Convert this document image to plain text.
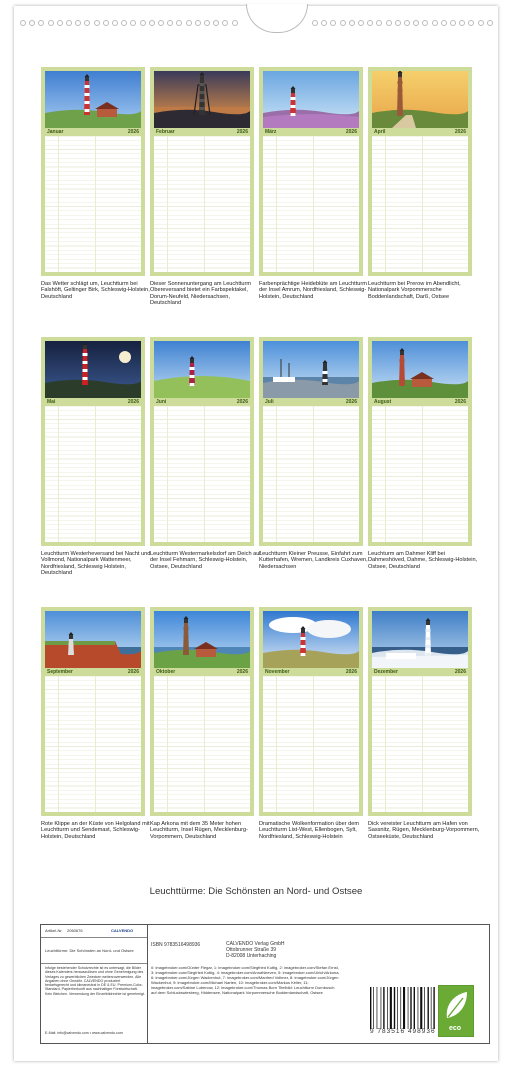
Januar	2026
Das Wetter schlägt um, Leuchtturm bei Falshöft, Geltinger Birk, Schleswig-Holstein, Deutschland
Februar	2026
Dieser Sonnenuntergang am Leuchtturm Obereversand bietet ein Farbspektakel, Dorum-Neufeld, Niedersachsen, Deutschland
März	2026
Farbenprächtige Heideblüte am Leuchtturm der Insel Amrum, Nordfriesland, Schleswig-Holstein, Deutschland
April	2026
Leuchtturm bei Prerow im Abendlicht, Nationalpark Vorpommersche Boddenlandschaft, Darß, Ostsee
Mai	2026
Leuchtturm Westerheversand bei Nacht und Vollmond, Nationalpark Wattenmeer, Nordfriesland, Schleswig Holstein, Deutschland
Juni	2026
Leuchtturm Westermarkelsdorf am Deich auf der Insel Fehmarn, Schleswig-Holstein, Ostsee, Deutschland
Juli	2026
Leuchtturm Kleiner Preusse, Einfahrt zum Kutterhafen, Wremen, Landkreis Cuxhaven, Niedersachsen
August	2026
Leuchturm am Dahmer Kliff bei Dahmeshöved, Dahme, Schleswig-Holstein, Ostsee, Deutschland
September	2026
Rote Klippe an der Küste von Helgoland mit Leuchtturm und Sendemast, Schleswig-Holstein, Deutschland
Oktober	2026
Kap Arkona mit dem 35 Meter hohen Leuchtturm, Insel Rügen, Mecklenburg-Vorpommern, Deutschland
November	2026
Dramatische Wolkenformation über dem Leuchtturm List-West, Ellenbogen, Sylt, Nordfriesland, Schleswig-Holstein
Dezember	2026
Dick vereister Leuchtturm am Hafen von Sassnitz, Rügen, Mecklenburg-Vorpommern, Ostseeküste, Deutschland
Leuchttürme: Die Schönsten an Nord- und Ostsee
Artikel-Nr. 2060676	CALVENDO
Leuchttürme: Die Schönsten an Nord- und Ostsee
Infolge bestehender Schutzrechte ist es untersagt, die Bilder dieses Kalenders herauszulösen und ohne Genehmigung des Verlages zu gewerblichen Zwecken weiterzuverwenden. Alle Angaben ohne Gewähr. CALVENDO produziert bedarfsgerecht und klimaneutral in DE & EU. Premium-Color-Standard, Papierherkunft aus nachhaltiger Forstwirtschaft. Kein Bleichen. Verwendung der Einzelbildrechte ist genehmigt.
E-Mail: info@calvendo.com • www.calvendo.com
ISBN 9783516498936	CALVENDO Verlag GmbH
Ottobrunner Straße 39
D-82008 Unterhaching
0: imagebroker.com/Günter Flegar, 1: imagebroker.com/Siegfried Kuttig, 2: imagebroker.com/Stefan Ernst, 3: imagebroker.com/Siegfried Kuttig, 4: imagebroker.com/AnnaNeeven, 5: imagebroker.com/Ulrich/Arkona, 6: imagebroker.com/Jürgen Wackenhut, 7: imagebroker.com/Manfred Vollmer, 8: imagebroker.com/Jürgen Wackenhut, 9: imagebroker.com/Michael Narten, 10: imagebroker.com/Markus Keller, 11: imagebroker.com/Sabine Lubenow, 12: imagebroker.com/Thomas Born Titelbild: Leuchtturm Dornbusch auf dem Schluckswiesberg, Hiddensee, Nationalpark Vorpommersche Boddenlandschaft, Ostsee
9 783516 498936 eco
